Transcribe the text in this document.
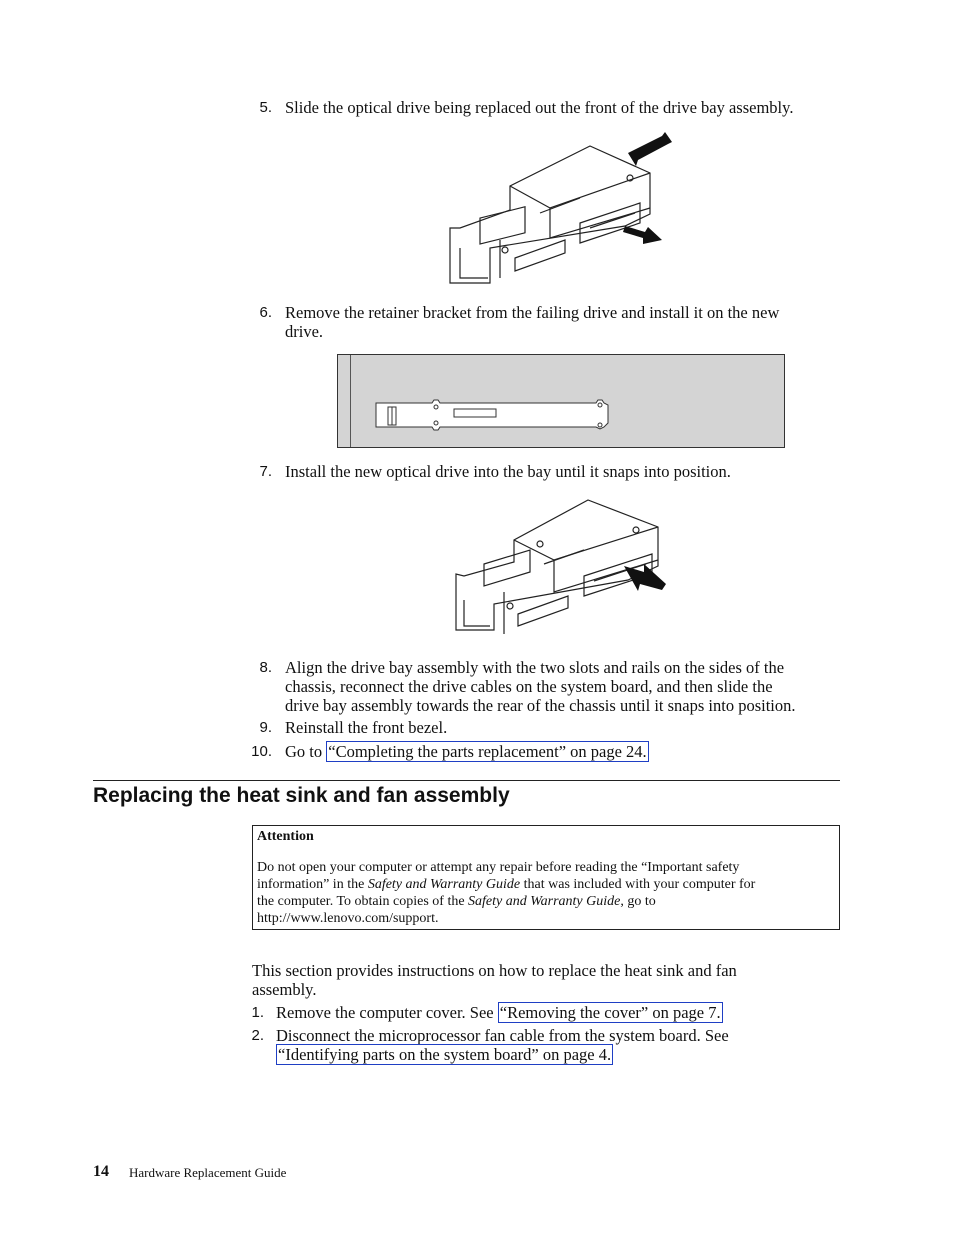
5. Slide the optical drive being replaced out the front of the drive bay assembly.
6. Remove the retainer bracket from the failing drive and install it on the new
drive.
7. Install the new optical drive into the bay until it snaps into position.
8. Align the drive bay assembly with the two slots and rails on the sides of the
chassis, reconnect the drive cables on the system board, and then slide the
drive bay assembly towards the rear of the chassis until it snaps into position.
9. Reinstall the front bezel.
10. Go to “Completing the parts replacement” on page 24.
Replacing the heat sink and fan assembly
Attention
Do not open your computer or attempt any repair before reading the “Important safety
information” in the Safety and Warranty Guide that was included with your computer for
the computer. To obtain copies of the Safety and Warranty Guide, go to
http://www.lenovo.com/support.
This section provides instructions on how to replace the heat sink and fan
assembly.
1. Remove the computer cover. See “Removing the cover” on page 7.
2. Disconnect the microprocessor fan cable from the system board. See
“Identifying parts on the system board” on page 4.
14 Hardware Replacement Guide
